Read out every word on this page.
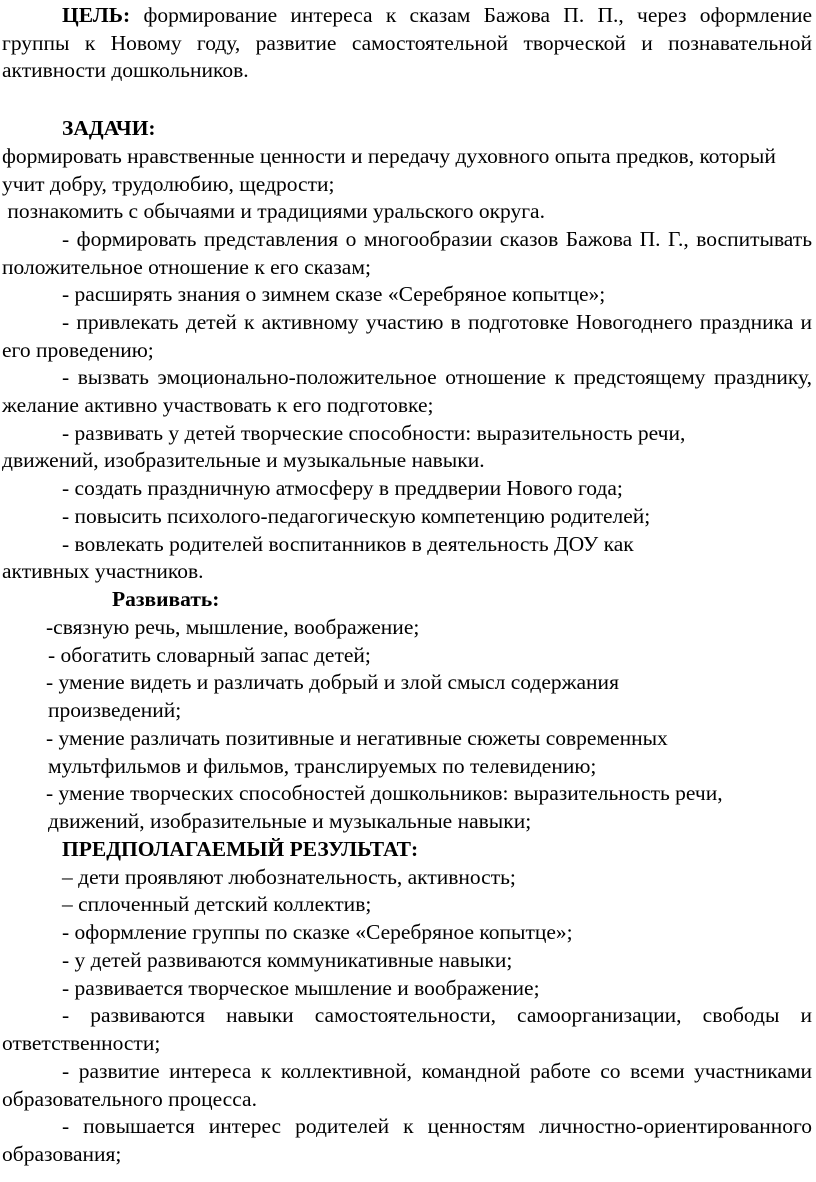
ЦЕЛЬ: формирование интереса к сказам Бажова П. П., через оформление группы к Новому году, развитие самостоятельной творческой и познавательной активности дошкольников.

ЗАДАЧИ:

формировать нравственные ценности и передачу духовного опыта предков, который учит добру, трудолюбию, щедрости;

познакомить с обычаями и традициями уральского округа.

- формировать представления о многообразии сказов Бажова П. Г., воспитывать положительное отношение к его сказам;

- расширять знания о зимнем сказе «Серебряное копытце»;

- привлекать детей к активному участию в подготовке Новогоднего праздника и его проведению;

- вызвать эмоционально-положительное отношение к предстоящему празднику, желание активно участвовать к его подготовке;

- развивать у детей творческие способности: выразительность речи,

движений, изобразительные и музыкальные навыки.

- создать праздничную атмосферу в преддверии Нового года;

- повысить психолого-педагогическую компетенцию родителей;

- вовлекать родителей воспитанников в деятельность ДОУ как

активных участников.

Развивать:

-связную речь, мышление, воображение;

- обогатить словарный запас детей;

- умение видеть и различать добрый и злой смысл содержания произведений;

- умение различать позитивные и негативные сюжеты современных мультфильмов и фильмов, транслируемых по телевидению;

- умение творческих способностей дошкольников: выразительность речи, движений, изобразительные и музыкальные навыки;

ПРЕДПОЛАГАЕМЫЙ РЕЗУЛЬТАТ:

– дети проявляют любознательность, активность;

– сплоченный детский коллектив;

- оформление группы по сказке «Серебряное копытце»;

- у детей развиваются коммуникативные навыки;

- развивается творческое мышление и воображение;

- развиваются навыки самостоятельности, самоорганизации, свободы и ответственности;

- развитие интереса к коллективной, командной работе со всеми участниками образовательного процесса.

- повышается интерес родителей к ценностям личностно-ориентированного образования;
